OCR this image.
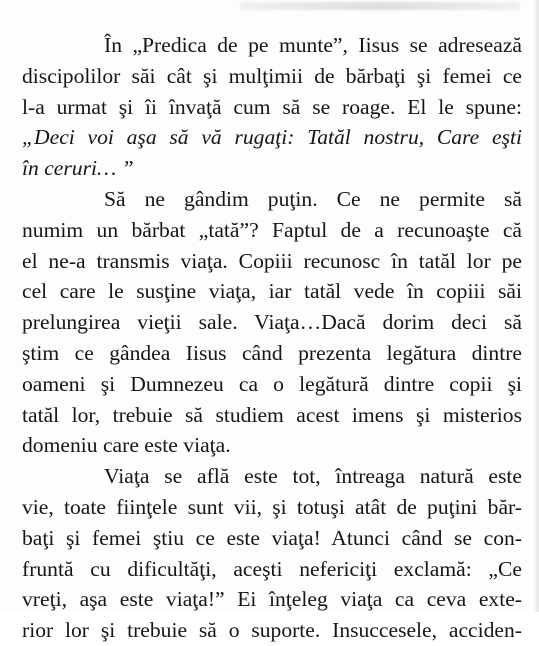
În „Predica de pe munte”, Iisus se adresează
discipolilor săi cât şi mulţimii de bărbaţi şi femei ce
l-a urmat şi îi învaţă cum să se roage. El le spune:
„Deci voi aşa să vă rugaţi: Tatăl nostru, Care eşti
în ceruri… ”
Să ne gândim puţin. Ce ne permite să
numim un bărbat „tată”? Faptul de a recunoaşte că
el ne-a transmis viaţa. Copiii recunosc în tatăl lor pe
cel care le susţine viaţa, iar tatăl vede în copiii săi
prelungirea vieţii sale. Viaţa…Dacă dorim deci să
ştim ce gândea Iisus când prezenta legătura dintre
oameni şi Dumnezeu ca o legătură dintre copii şi
tatăl lor, trebuie să studiem acest imens şi misterios
domeniu care este viaţa.
Viaţa se află este tot, întreaga natură este
vie, toate fiinţele sunt vii, şi totuşi atât de puţini băr-
baţi şi femei ştiu ce este viaţa! Atunci când se con-
fruntă cu dificultăţi, aceşti nefericiţi exclamă: „Ce
vreţi, aşa este viaţa!” Ei înţeleg viaţa ca ceva exte-
rior lor şi trebuie să o suporte. Insuccesele, acciden-
